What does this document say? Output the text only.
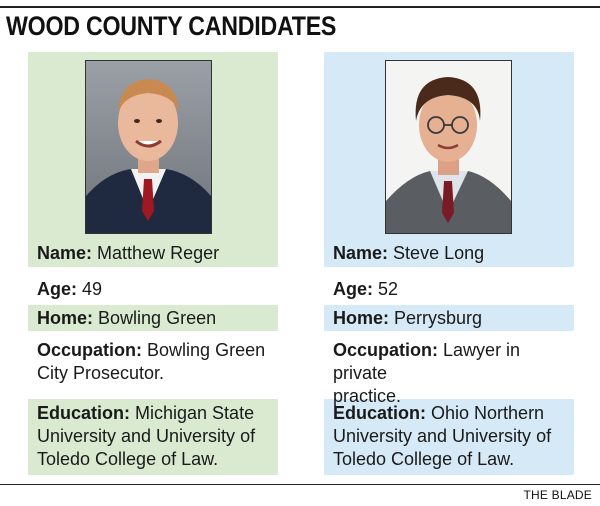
WOOD COUNTY CANDIDATES
Name: Matthew Reger
Age: 49
Home: Bowling Green
Occupation: Bowling Green
City Prosecutor.
Education: Michigan State
University and University of
Toledo College of Law.
Name: Steve Long
Age: 52
Home: Perrysburg
Occupation: Lawyer in private
practice.
Education: Ohio Northern
University and University of
Toledo College of Law.
THE BLADE
